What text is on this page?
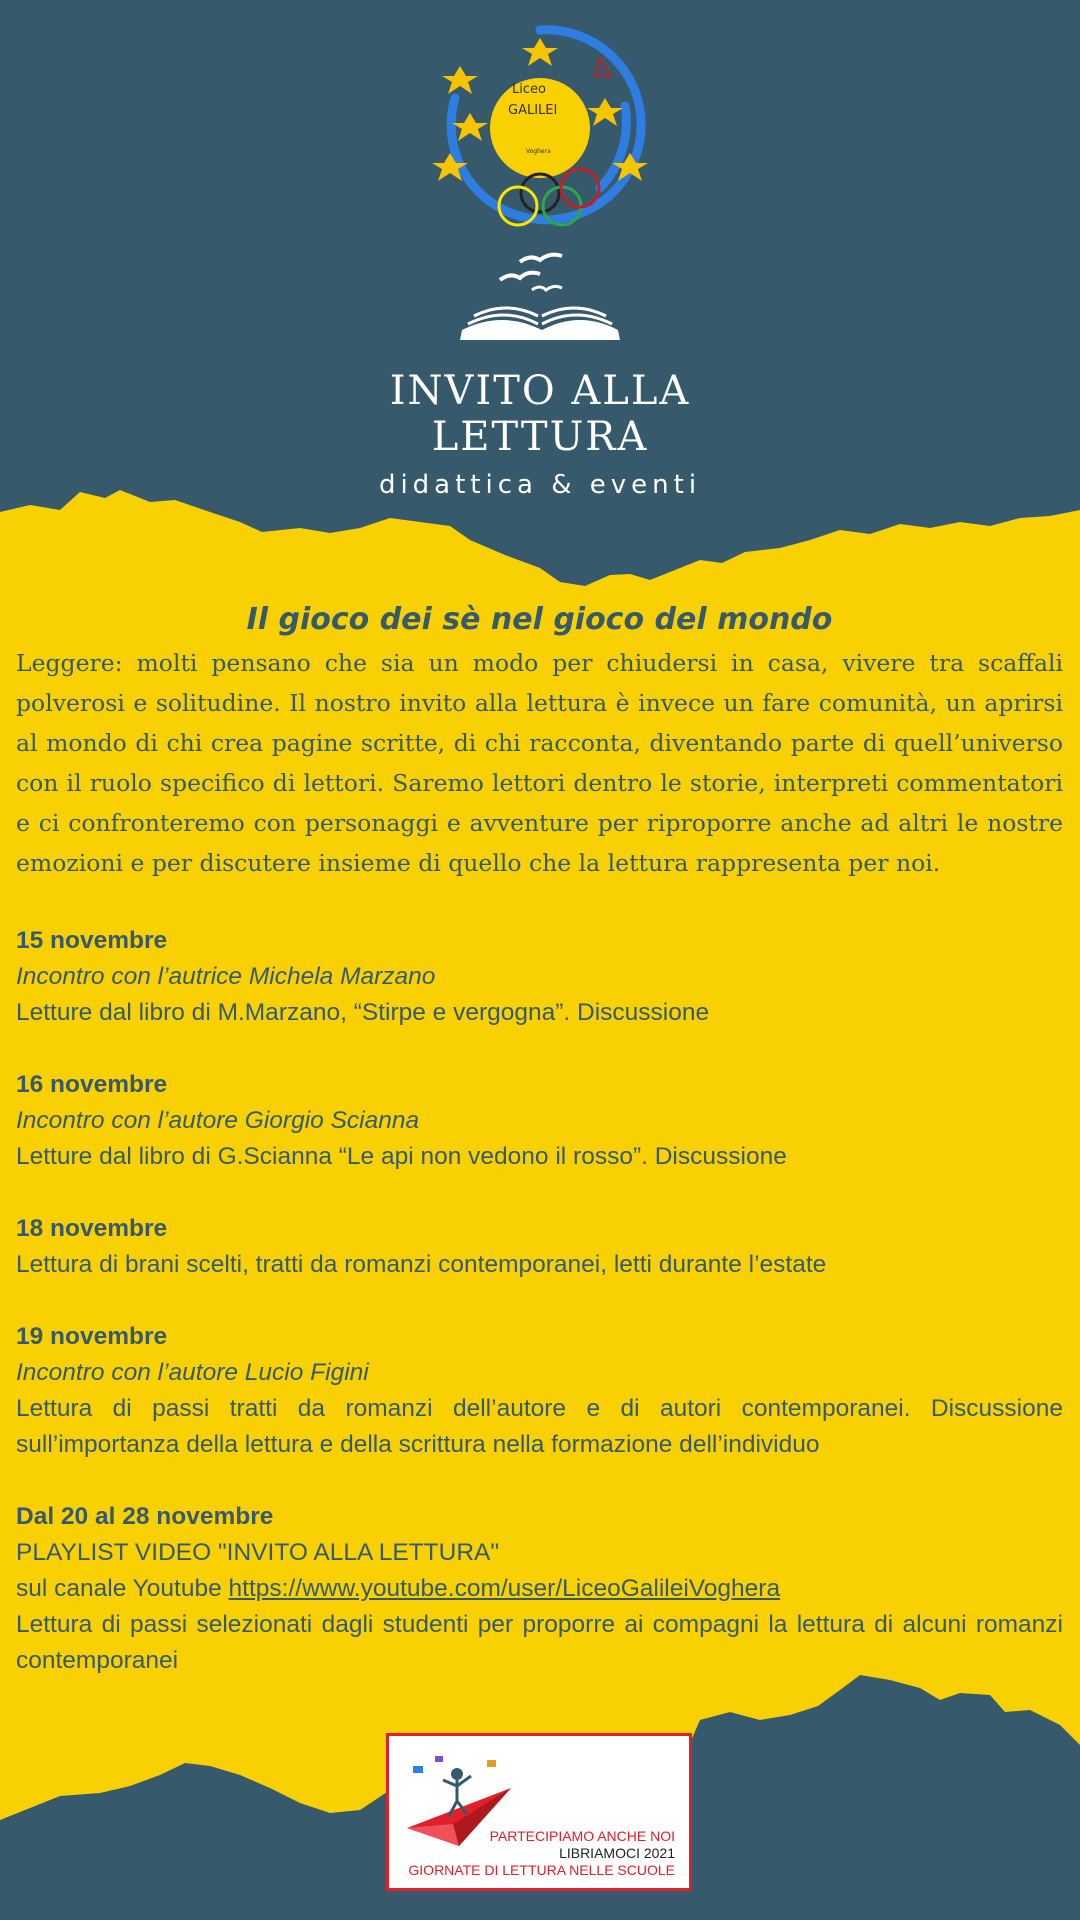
Liceo
GALILEI
Voghera
INVITO ALLA
LETTURA
didattica & eventi
Il gioco dei sè nel gioco del mondo

Leggere: molti pensano che sia un modo per chiudersi in casa, vivere tra scaffali polverosi e solitudine. Il nostro invito alla lettura è invece un fare comunità, un aprirsi al mondo di chi crea pagine scritte, di chi racconta, diventando parte di quell’universo con il ruolo specifico di lettori. Saremo lettori dentro le storie, interpreti commentatori e ci confronteremo con personaggi e avventure per riproporre anche ad altri le nostre emozioni e per discutere insieme di quello che la lettura rappresenta per noi.

15 novembre
Incontro con l’autrice Michela Marzano
Letture dal libro di M.Marzano, “Stirpe e vergogna”. Discussione
16 novembre
Incontro con l’autore Giorgio Scianna
Letture dal libro di G.Scianna “Le api non vedono il rosso”. Discussione
18 novembre
Lettura di brani scelti, tratti da romanzi contemporanei, letti durante l’estate
19 novembre
Incontro con l’autore Lucio Figini
Lettura di passi tratti da romanzi dell’autore e di autori contemporanei. Discussione sull’importanza della lettura e della scrittura nella formazione dell’individuo
Dal 20 al 28 novembre
PLAYLIST VIDEO "INVITO ALLA LETTURA"
sul canale Youtube https://www.youtube.com/user/LiceoGalileiVoghera
Lettura di passi selezionati dagli studenti per proporre ai compagni la lettura di alcuni romanzi contemporanei
PARTECIPIAMO ANCHE NOI
LIBRIAMOCI 2021
GIORNATE DI LETTURA NELLE SCUOLE
